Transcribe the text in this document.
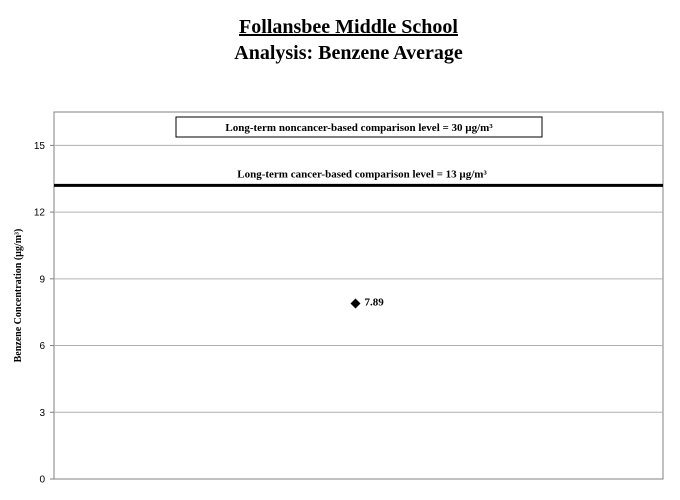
Follansbee Middle School
Analysis: Benzene Average
0
3
6
9
12
15
Long-term noncancer-based comparison level = 30 µg/m³
Long-term cancer-based comparison level = 13 µg/m³
7.89
Benzene Concentration (µg/m³)
